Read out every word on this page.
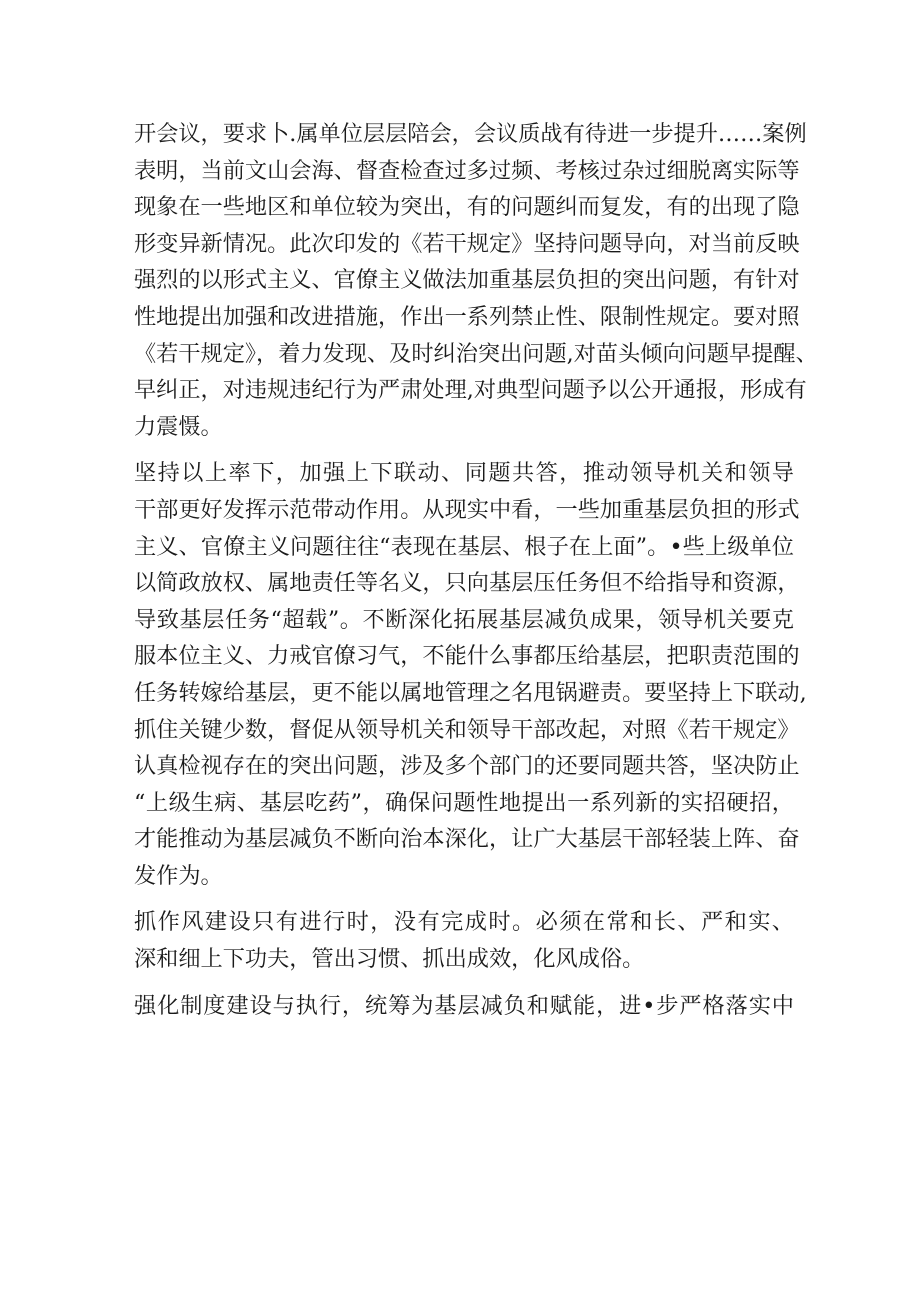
开会议，要求卜.属单位层层陪会，会议质战有待进一步提升……案例
表明，当前文山会海、督查检查过多过频、考核过杂过细脱离实际等
现象在一些地区和单位较为突出，有的问题纠而复发，有的出现了隐
形变异新情况。此次印发的《若干规定》坚持问题导向，对当前反映
强烈的以形式主义、官僚主义做法加重基层负担的突出问题，有针对
性地提出加强和改进措施，作出一系列禁止性、限制性规定。要对照
《若干规定》，着力发现、及时纠治突出问题,对苗头倾向问题早提醒、
早纠正，对违规违纪行为严肃处理,对典型问题予以公开通报，形成有
力震慑。
坚持以上率下，加强上下联动、同题共答，推动领导机关和领导
干部更好发挥示范带动作用。从现实中看，一些加重基层负担的形式
主义、官僚主义问题往往“表现在基层、根子在上面”。•些上级单位
以简政放权、属地责任等名义，只向基层压任务但不给指导和资源，
导致基层任务“超载”。不断深化拓展基层减负成果，领导机关要克
服本位主义、力戒官僚习气，不能什么事都压给基层，把职责范围的
任务转嫁给基层，更不能以属地管理之名甩锅避责。要坚持上下联动,
抓住关键少数，督促从领导机关和领导干部改起，对照《若干规定》
认真检视存在的突出问题，涉及多个部门的还要同题共答，坚决防止
“上级生病、基层吃药”，确保问题性地提出一系列新的实招硬招，
才能推动为基层减负不断向治本深化，让广大基层干部轻装上阵、奋
发作为。
抓作风建设只有进行时，没有完成时。必须在常和长、严和实、
深和细上下功夫，管出习惯、抓出成效，化风成俗。
强化制度建设与执行，统筹为基层减负和赋能，进•步严格落实中
